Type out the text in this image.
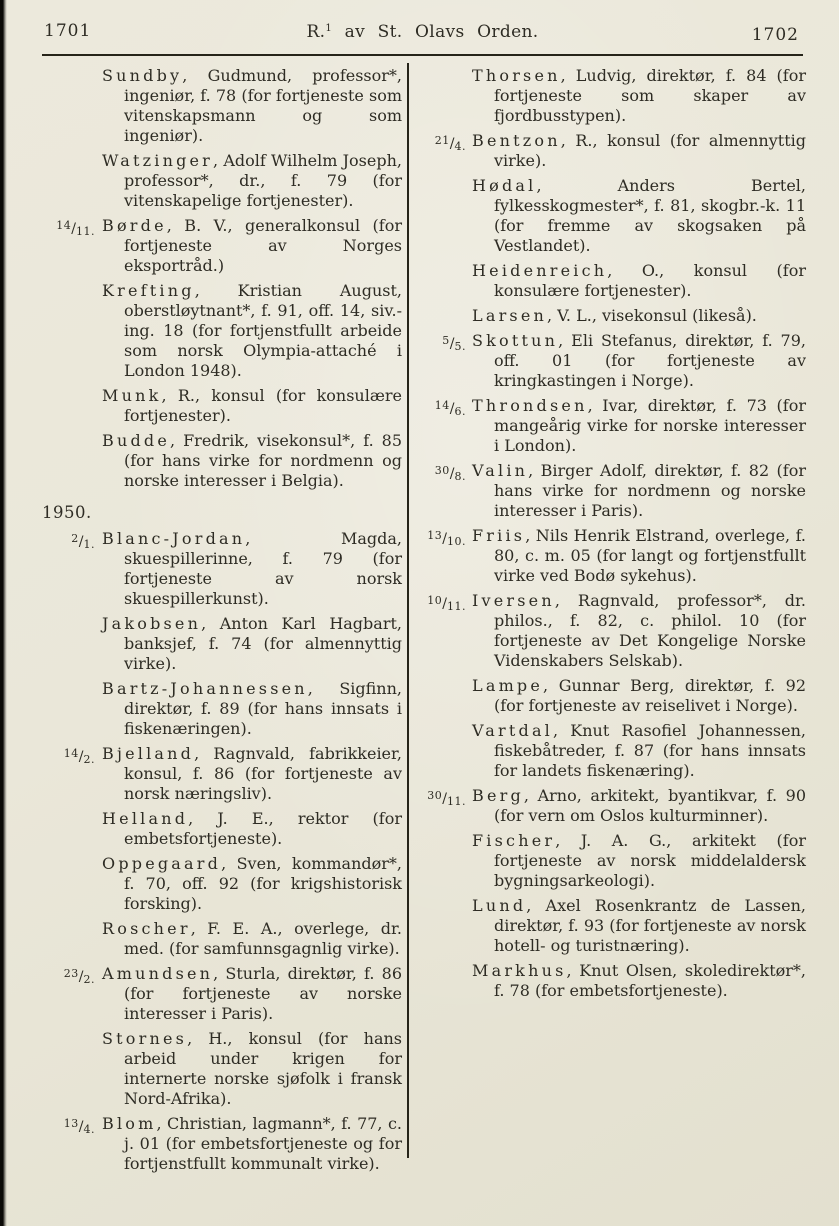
1701	R.$^1$ av St. Olavs Orden.	1702
Sundby, Gudmund, professor*, ingeniør, f. 78 (for fortjeneste som vitenskapsmann og som ingeniør).
Watzinger, Adolf Wilhelm Joseph, professor*, dr., f. 79 (for vitenskapelige fortjenester).
$^{14}/_{11}$. Børde, B. V., generalkonsul (for fortjeneste av Norges eksportråd.)
Krefting, Kristian August, oberstløytnant*, f. 91, off. 14, siv.-ing. 18 (for fortjenstfullt arbeide som norsk Olympia-attaché i London 1948).
Munk, R., konsul (for konsulære fortjenester).
Budde, Fredrik, visekonsul*, f. 85 (for hans virke for nordmenn og norske interesser i Belgia).
1950.
$^2/_1$. Blanc-Jordan, Magda, skuespillerinne, f. 79 (for fortjeneste av norsk skuespillerkunst).
Jakobsen, Anton Karl Hagbart, banksjef, f. 74 (for almennyttig virke).
Bartz-Johannessen, Sigfinn, direktør, f. 89 (for hans innsats i fiskenæringen).
$^{14}/_2$. Bjelland, Ragnvald, fabrikkeier, konsul, f. 86 (for fortjeneste av norsk næringsliv).
Helland, J. E., rektor (for embetsfortjeneste).
Oppegaard, Sven, kommandør*, f. 70, off. 92 (for krigshistorisk forsking).
Roscher, F. E. A., overlege, dr. med. (for samfunnsgagnlig virke).
$^{23}/_2$. Amundsen, Sturla, direktør, f. 86 (for fortjeneste av norske interesser i Paris).
Stornes, H., konsul (for hans arbeid under krigen for internerte norske sjøfolk i fransk Nord-Afrika).
$^{13}/_4$. Blom, Christian, lagmann*, f. 77, c. j. 01 (for embetsfortjeneste og for fortjenstfullt kommunalt virke).
Thorsen, Ludvig, direktør, f. 84 (for fortjeneste som skaper av fjordbusstypen).
$^{21}/_4$. Bentzon, R., konsul (for almennyttig virke).
Hødal, Anders Bertel, fylkesskogmester*, f. 81, skogbr.-k. 11 (for fremme av skogsaken på Vestlandet).
Heidenreich, O., konsul (for konsulære fortjenester).
Larsen, V. L., visekonsul (likeså).
$^5/_5$. Skottun, Eli Stefanus, direktør, f. 79, off. 01 (for fortjeneste av kringkastingen i Norge).
$^{14}/_6$. Throndsen, Ivar, direktør, f. 73 (for mangeårig virke for norske interesser i London).
$^{30}/_8$. Valin, Birger Adolf, direktør, f. 82 (for hans virke for nordmenn og norske interesser i Paris).
$^{13}/_{10}$. Friis, Nils Henrik Elstrand, overlege, f. 80, c. m. 05 (for langt og fortjenstfullt virke ved Bodø sykehus).
$^{10}/_{11}$. Iversen, Ragnvald, professor*, dr. philos., f. 82, c. philol. 10 (for fortjeneste av Det Kongelige Norske Videnskabers Selskab).
Lampe, Gunnar Berg, direktør, f. 92 (for fortjeneste av reiselivet i Norge).
Vartdal, Knut Rasofiel Johannessen, fiskebåtreder, f. 87 (for hans innsats for landets fiskenæring).
$^{30}/_{11}$. Berg, Arno, arkitekt, byantikvar, f. 90 (for vern om Oslos kulturminner).
Fischer, J. A. G., arkitekt (for fortjeneste av norsk middelaldersk bygningsarkeologi).
Lund, Axel Rosenkrantz de Lassen, direktør, f. 93 (for fortjeneste av norsk hotell- og turistnæring).
Markhus, Knut Olsen, skoledirektør*, f. 78 (for embetsfortjeneste).
